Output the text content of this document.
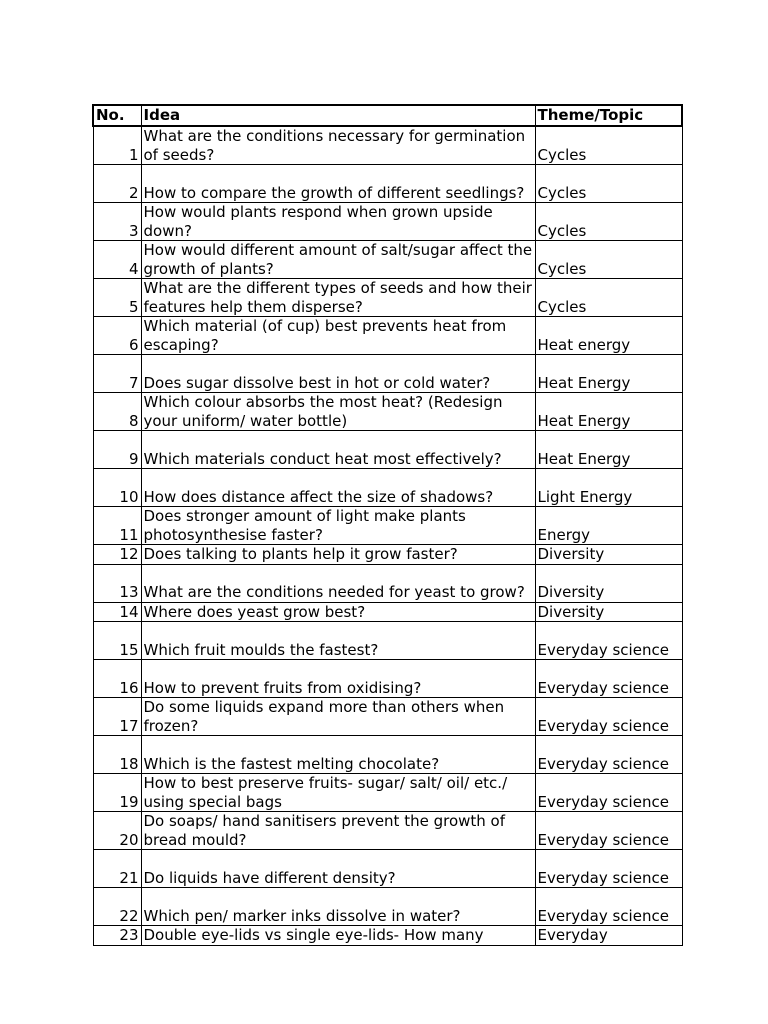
No.	Idea	Theme/Topic
1	What are the conditions necessary for germination of seeds?	Cycles
2	How to compare the growth of different seedlings?	Cycles
3	How would plants respond when grown upside down?	Cycles
4	How would different amount of salt/sugar affect the growth of plants?	Cycles
5	What are the different types of seeds and how their features help them disperse?	Cycles
6	Which material (of cup) best prevents heat from escaping?	Heat energy
7	Does sugar dissolve best in hot or cold water?	Heat Energy
8	Which colour absorbs the most heat? (Redesign your uniform/ water bottle)	Heat Energy
9	Which materials conduct heat most effectively?	Heat Energy
10	How does distance affect the size of shadows?	Light Energy
11	Does stronger amount of light make plants photosynthesise faster?	Energy
12	Does talking to plants help it grow faster?	Diversity
13	What are the conditions needed for yeast to grow?	Diversity
14	Where does yeast grow best?	Diversity
15	Which fruit moulds the fastest?	Everyday science
16	How to prevent fruits from oxidising?	Everyday science
17	Do some liquids expand more than others when frozen?	Everyday science
18	Which is the fastest melting chocolate?	Everyday science
19	How to best preserve fruits- sugar/ salt/ oil/ etc./ using special bags	Everyday science
20	Do soaps/ hand sanitisers prevent the growth of bread mould?	Everyday science
21	Do liquids have different density?	Everyday science
22	Which pen/ marker inks dissolve in water?	Everyday science
23	Double eye-lids vs single eye-lids- How many	Everyday
